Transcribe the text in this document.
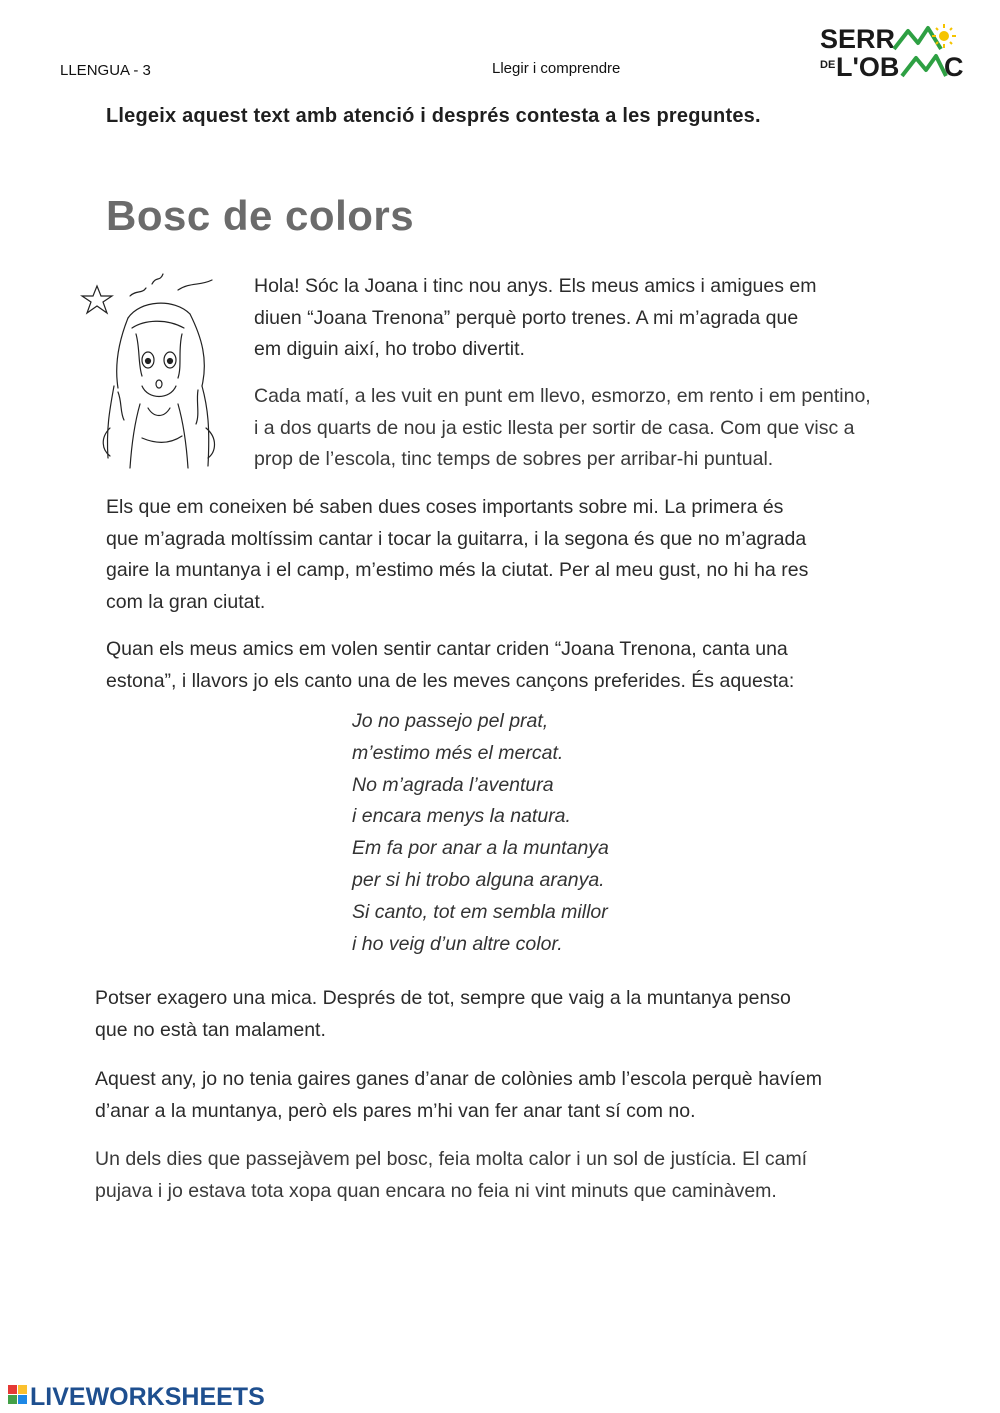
LLENGUA - 3	Llegir i comprendre
SERR
DE L'OB C
Llegeix aquest text amb atenció i després contesta a les preguntes.
Bosc de colors
Hola! Sóc la Joana i tinc nou anys. Els meus amics i amigues em
diuen “Joana Trenona” perquè porto trenes. A mi m’agrada que
em diguin així, ho trobo divertit.
Cada matí, a les vuit en punt em llevo, esmorzo, em rento i em pentino,
i a dos quarts de nou ja estic llesta per sortir de casa. Com que visc a
prop de l’escola, tinc temps de sobres per arribar-hi puntual.
Els que em coneixen bé saben dues coses importants sobre mi. La primera és
que m’agrada moltíssim cantar i tocar la guitarra, i la segona és que no m’agrada
gaire la muntanya i el camp, m’estimo més la ciutat. Per al meu gust, no hi ha res
com la gran ciutat.
Quan els meus amics em volen sentir cantar criden “Joana Trenona, canta una
estona”, i llavors jo els canto una de les meves cançons preferides. És aquesta:
Jo no passejo pel prat,
m’estimo més el mercat.
No m’agrada l’aventura
i encara menys la natura.
Em fa por anar a la muntanya
per si hi trobo alguna aranya.
Si canto, tot em sembla millor
i ho veig d’un altre color.
Potser exagero una mica. Després de tot, sempre que vaig a la muntanya penso
que no està tan malament.
Aquest any, jo no tenia gaires ganes d’anar de colònies amb l’escola perquè havíem
d’anar a la muntanya, però els pares m’hi van fer anar tant sí com no.
Un dels dies que passejàvem pel bosc, feia molta calor i un sol de justícia. El camí
pujava i jo estava tota xopa quan encara no feia ni vint minuts que caminàvem.
LIVEWORKSHEETS
